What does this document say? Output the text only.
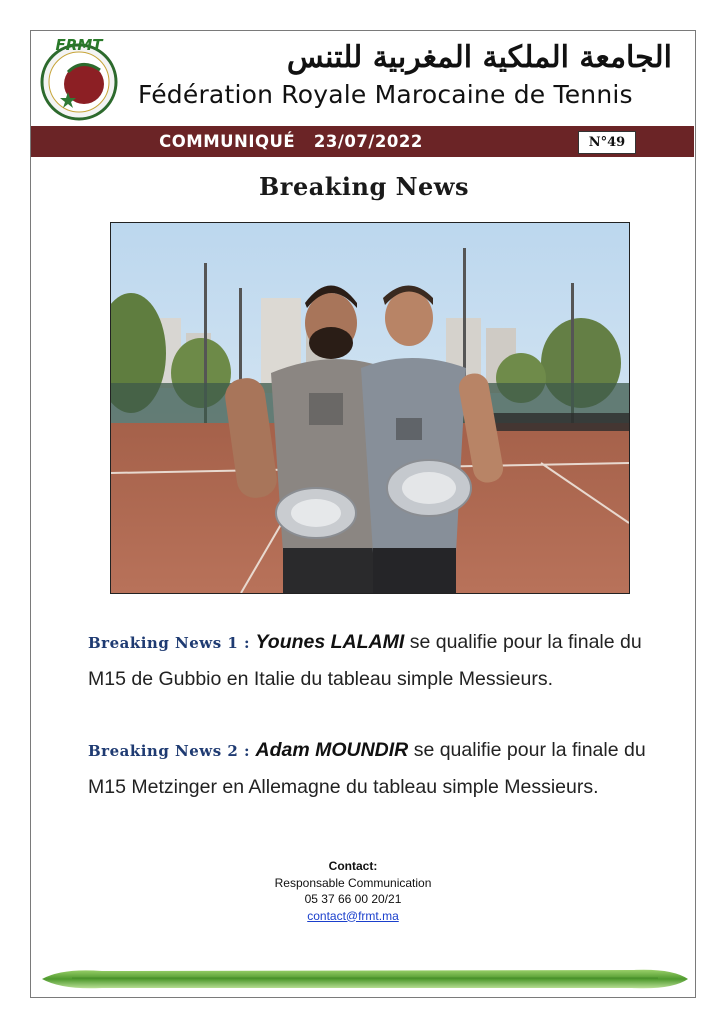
FRMT	الجامعة الملكية المغربية للتنس
Fédération Royale Marocaine de Tennis
COMMUNIQUÉ   23/07/2022	N°49
Breaking News
Breaking News 1 : Younes LALAMI se qualifie pour la finale du M15 de Gubbio en Italie du tableau simple Messieurs.
Breaking News 2 : Adam MOUNDIR se qualifie pour la finale du M15 Metzinger en Allemagne du tableau simple Messieurs.
Contact:
Responsable Communication
05 37 66 00 20/21
contact@frmt.ma
